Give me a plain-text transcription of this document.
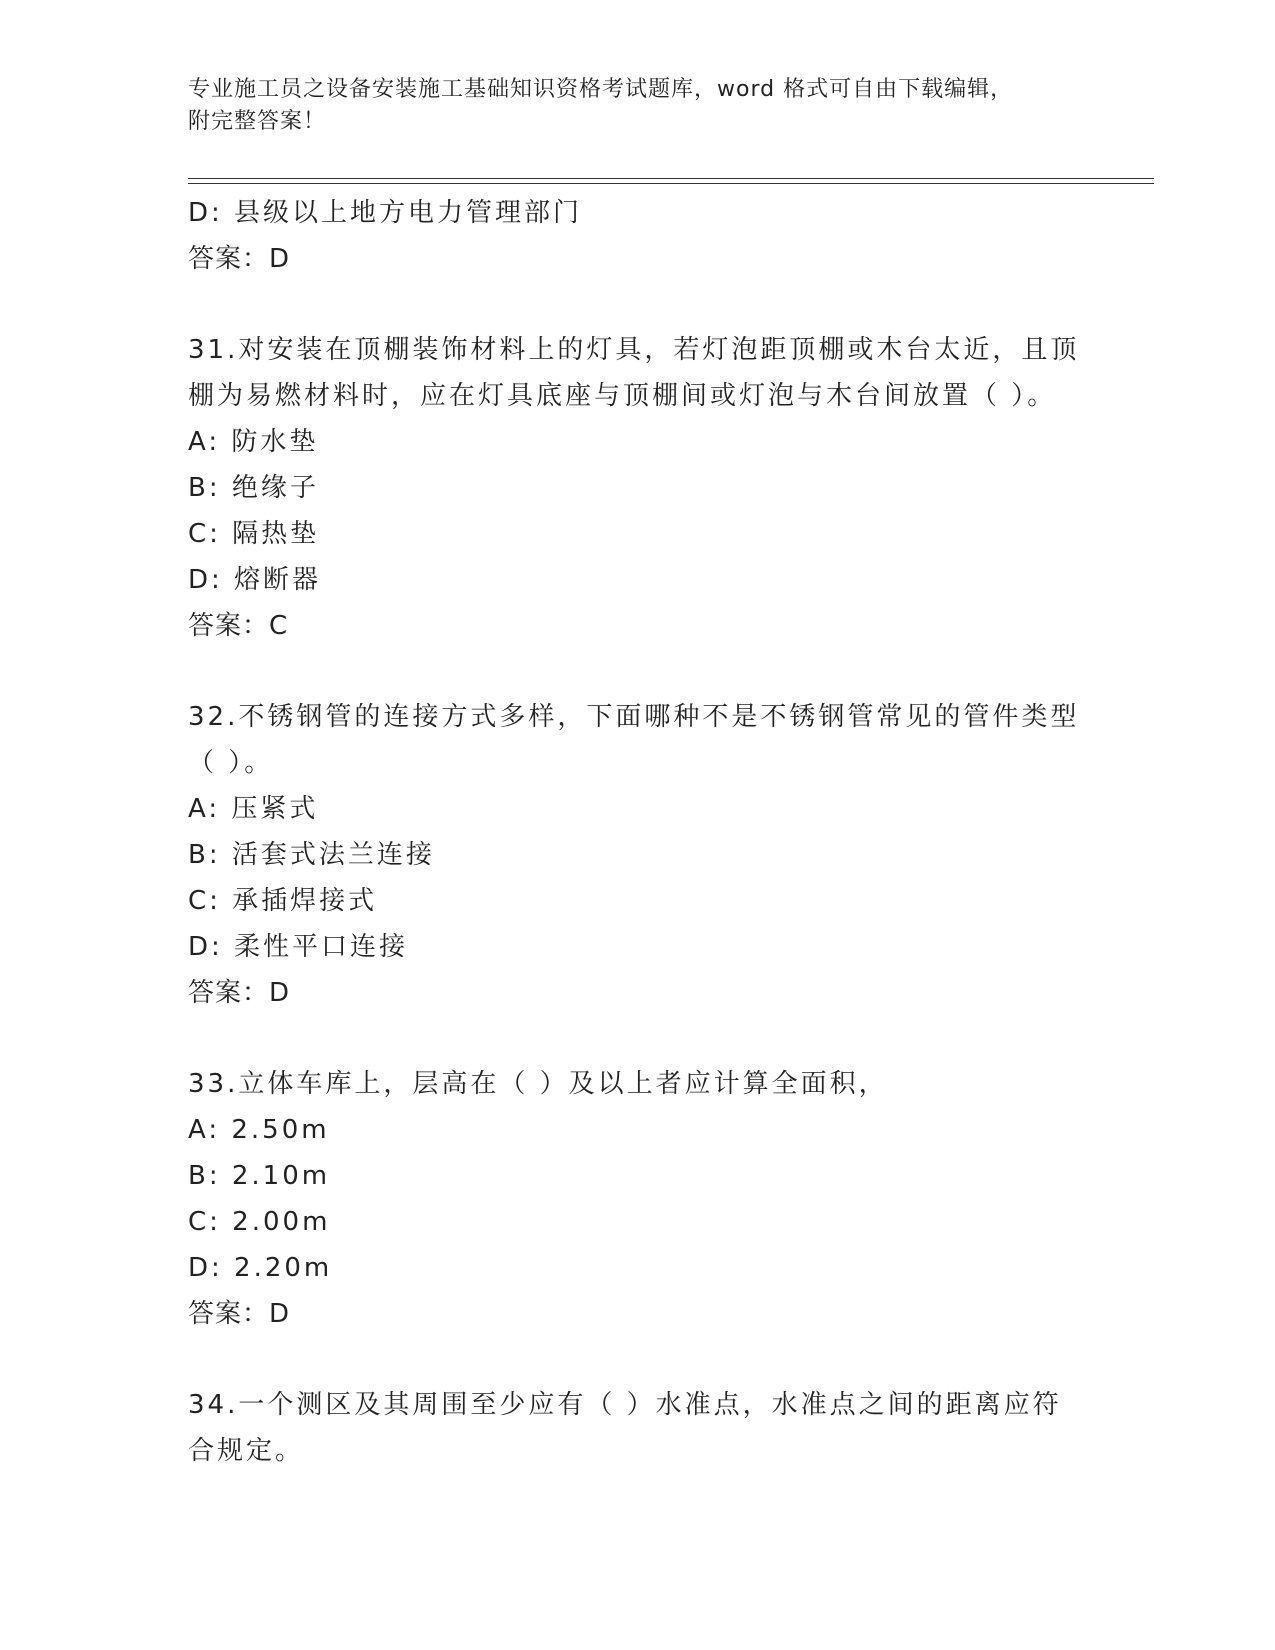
专业施工员之设备安装施工基础知识资格考试题库，word 格式可自由下载编辑，
附完整答案！
D: 县级以上地方电力管理部门
答案：D
31.对安装在顶棚装饰材料上的灯具，若灯泡距顶棚或木台太近，且顶
棚为易燃材料时，应在灯具底座与顶棚间或灯泡与木台间放置（ ）。
A: 防水垫
B: 绝缘子
C: 隔热垫
D: 熔断器
答案：C
32.不锈钢管的连接方式多样，下面哪种不是不锈钢管常见的管件类型
（ ）。
A: 压紧式
B: 活套式法兰连接
C: 承插焊接式
D: 柔性平口连接
答案：D
33.立体车库上，层高在（ ）及以上者应计算全面积，
A: 2.50m
B: 2.10m
C: 2.00m
D: 2.20m
答案：D
34.一个测区及其周围至少应有（ ）水准点，水准点之间的距离应符
合规定。
